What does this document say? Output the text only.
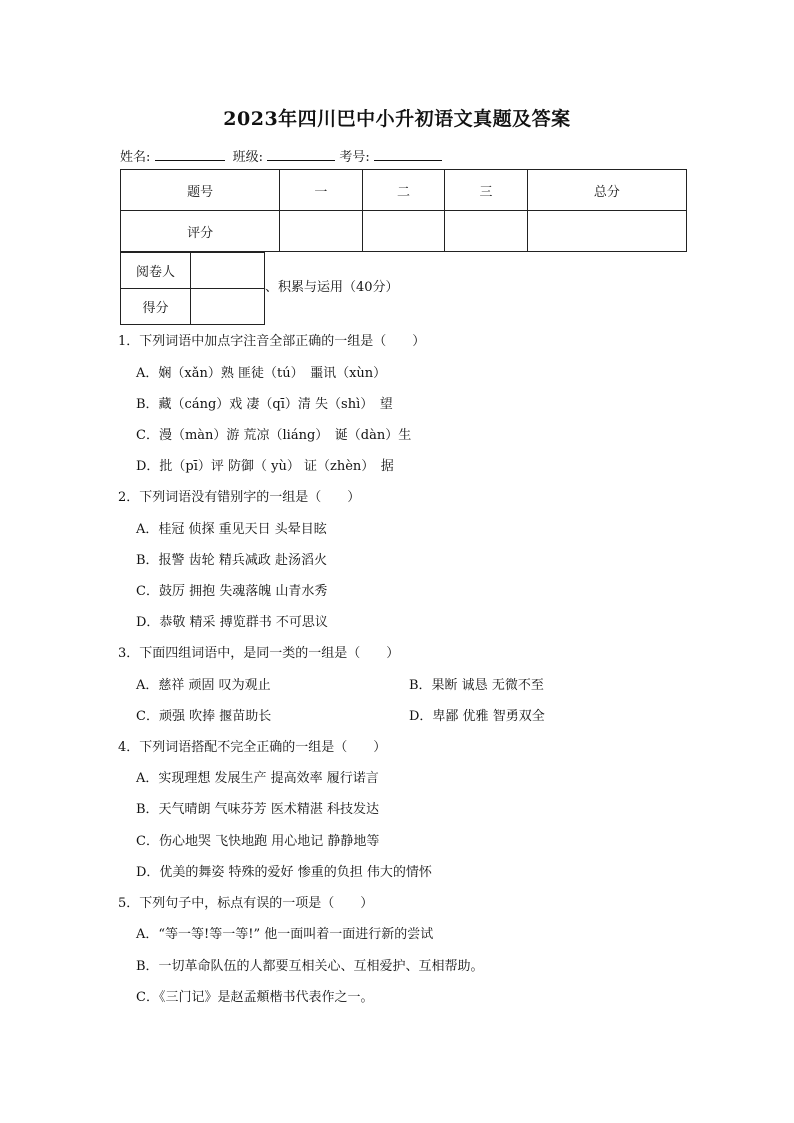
2023年四川巴中小升初语文真题及答案
姓名:	班级:	考号:
题号	一	二	三	总分
评分				
阅卷人	
得分	
、积累与运用（40分）
1．下列词语中加点字注音全部正确的一组是（　　）
A．娴（xǎn）熟 匪徒（tú）　噩讯（xùn）
B．藏（cáng）戏 凄（qī）清 失（shì）　望
C．漫（màn）游 荒凉（liáng）　诞（dàn）生
D．批（pī）评 防御（ yù） 证（zhèn）　据
2．下列词语没有错别字的一组是（　　）
A．桂冠 侦探 重见天日 头晕目眩
B．报警 齿轮 精兵减政 赴汤滔火
C．鼓厉 拥抱 失魂落魄 山青水秀
D．恭敬 精采 搏览群书 不可思议
3．下面四组词语中，是同一类的一组是（　　）
A．慈祥 顽固 叹为观止	B．果断 诚恳 无微不至
C．顽强 吹捧 揠苗助长	D．卑鄙 优雅 智勇双全
4．下列词语搭配不完全正确的一组是（　　）
A．实现理想 发展生产 提高效率 履行诺言
B．天气晴朗 气味芬芳 医术精湛 科技发达
C．伤心地哭 飞快地跑 用心地记 静静地等
D．优美的舞姿 特殊的爱好 惨重的负担 伟大的情怀
5．下列句子中，标点有误的一项是（　　）
A．“等一等!等一等!” 他一面叫着一面进行新的尝试
B．一切革命队伍的人都要互相关心、互相爱护、互相帮助。
C．《三门记》是赵孟頫楷书代表作之一。
